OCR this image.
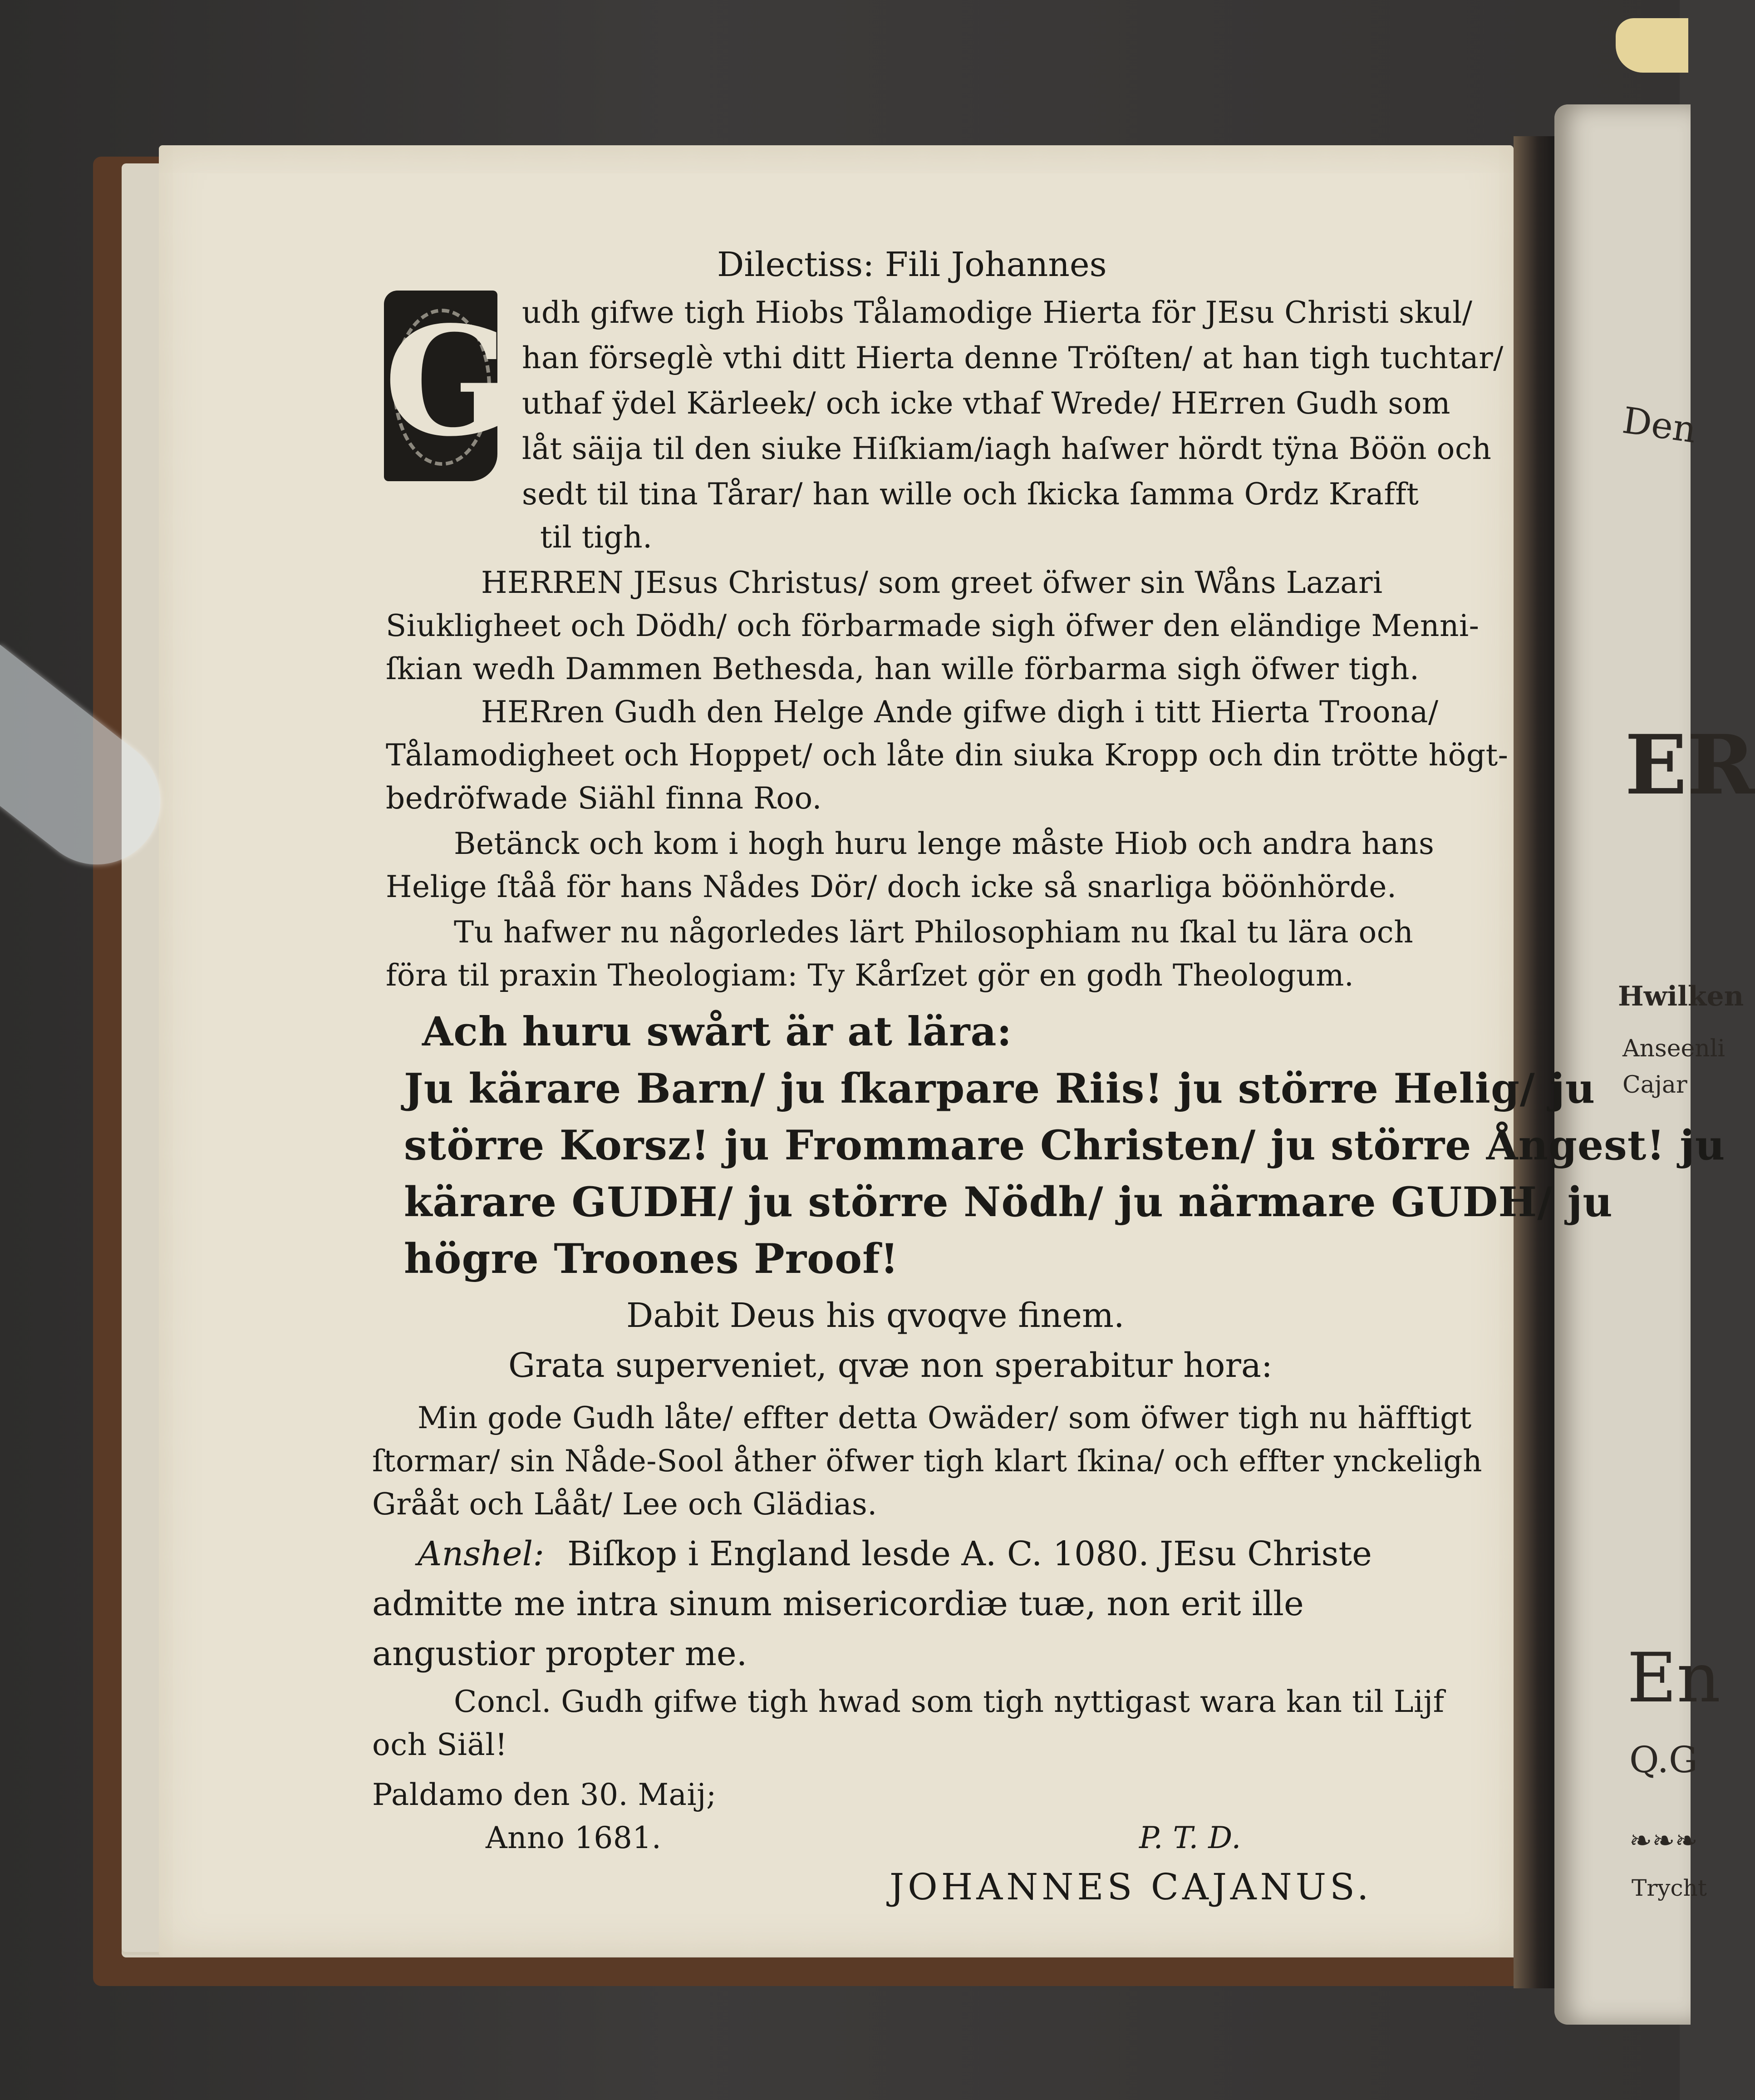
Den
ER
Hwilken
Anseenli
Cajar
En
Q.G
❧❧❧
Trycht
Dilectiss: Fili Johannes
G udh gifwe tigh Hiobs Tålamodige Hierta för JEsu Christi skul/
han förseglè vthi ditt Hierta denne Tröſten/ at han tigh tuchtar/
uthaf ÿdel Kärleek/ och icke vthaf Wrede/ HErren Gudh som
låt säija til den siuke Hiſkiam/iagh haſwer hördt tÿna Böön och
sedt til tina Tårar/ han wille och ſkicka ſamma Ordz Krafft
til tigh.
HERREN JEsus Christus/ som greet öfwer sin Wåns Lazari
Siukligheet och Dödh/ och förbarmade sigh öfwer den eländige Menni-
ſkian wedh Dammen Bethesda, han wille förbarma sigh öfwer tigh.
HERren Gudh den Helge Ande gifwe digh i titt Hierta Troona/
Tålamodigheet och Hoppet/ och låte din siuka Kropp och din trötte högt-
bedröfwade Siähl finna Roo.
Betänck och kom i hogh huru lenge måste Hiob och andra hans
Helige ſtåå för hans Nådes Dör/ doch icke så snarliga böönhörde.
Tu hafwer nu någorledes lärt Philosophiam nu ſkal tu lära och
föra til praxin Theologiam: Ty Kårſzet gör en godh Theologum.
Ach huru swårt är at lära:
Ju kärare Barn/ ju ſkarpare Riis! ju större Helig/ ju
större Korsz! ju Frommare Christen/ ju större Ångest! ju
kärare GUDH/ ju större Nödh/ ju närmare GUDH/ ju
högre Troones Proof!
Dabit Deus his qvoqve finem.
Grata superveniet, qvæ non sperabitur hora:
Min gode Gudh låte/ effter detta Owäder/ som öfwer tigh nu häfftigt
ſtormar/ sin Nåde-Sool åther öfwer tigh klart ſkina/ och effter ynckeligh
Grååt och Lååt/ Lee och Glädias.
Anshel: Biſkop i England lesde A. C. 1080. JEsu Christe
admitte me intra sinum misericordiæ tuæ, non erit ille
angustior propter me.
Concl. Gudh gifwe tigh hwad som tigh nyttigast wara kan til Lijf
och Siäl!
Paldamo den 30. Maij;
Anno 1681.	P. T. D.
JOHANNES CAJANUS.
